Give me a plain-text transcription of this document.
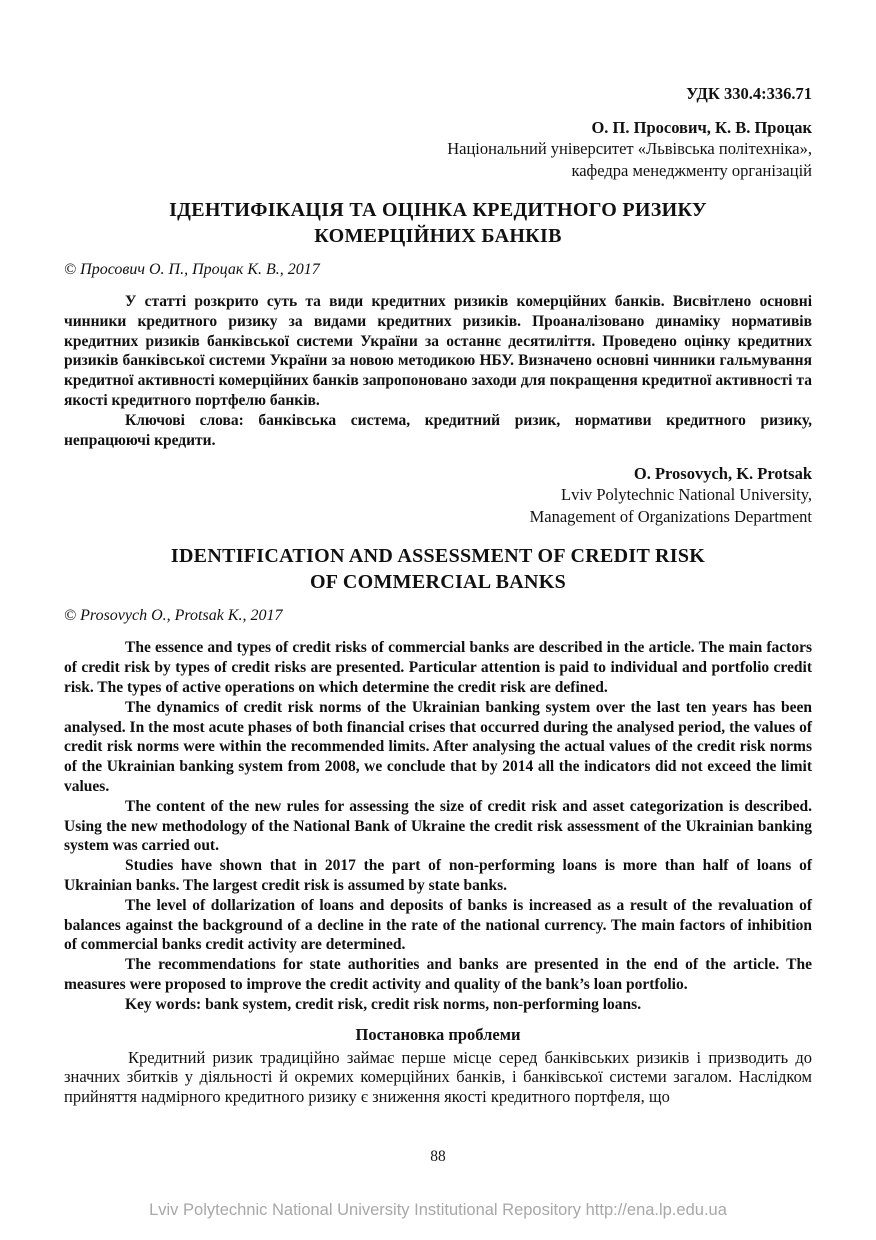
УДК 330.4:336.71
О. П. Просович, К. В. Процак
Національний університет «Львівська політехніка»,
кафедра менеджменту організацій
ІДЕНТИФІКАЦІЯ ТА ОЦІНКА КРЕДИТНОГО РИЗИКУ
КОМЕРЦІЙНИХ БАНКІВ
© Просович О. П., Процак К. В., 2017

У статті розкрито суть та види кредитних ризиків комерційних банків. Висвітлено основні чинники кредитного ризику за видами кредитних ризиків. Проаналізовано динаміку нормативів кредитних ризиків банківської системи України за останнє десятиліття. Проведено оцінку кредитних ризиків банківської системи України за новою методикою НБУ. Визначено основні чинники гальмування кредитної активності комерційних банків запропоновано заходи для покращення кредитної активності та якості кредитного портфелю банків.

Ключові слова: банківська система, кредитний ризик, нормативи кредитного ризику, непрацюючі кредити.

O. Prosovych, K. Protsak
Lviv Polytechnic National University,
Management of Organizations Department
IDENTIFICATION AND ASSESSMENT OF CREDIT RISK
OF COMMERCIAL BANKS
© Prosovych O., Protsak K., 2017

The essence and types of credit risks of commercial banks are described in the article. The main factors of credit risk by types of credit risks are presented. Particular attention is paid to individual and portfolio credit risk. The types of active operations on which determine the credit risk are defined.

The dynamics of credit risk norms of the Ukrainian banking system over the last ten years has been analysed. In the most acute phases of both financial crises that occurred during the analysed period, the values of credit risk norms were within the recommended limits. After analysing the actual values of the credit risk norms of the Ukrainian banking system from 2008, we conclude that by 2014 all the indicators did not exceed the limit values.

The content of the new rules for assessing the size of credit risk and asset categorization is described. Using the new methodology of the National Bank of Ukraine the credit risk assessment of the Ukrainian banking system was carried out.

Studies have shown that in 2017 the part of non-performing loans is more than half of loans of Ukrainian banks. The largest credit risk is assumed by state banks.

The level of dollarization of loans and deposits of banks is increased as a result of the revaluation of balances against the background of a decline in the rate of the national currency. The main factors of inhibition of commercial banks credit activity are determined.

The recommendations for state authorities and banks are presented in the end of the article. The measures were proposed to improve the credit activity and quality of the bank’s loan portfolio.

Key words: bank system, credit risk, credit risk norms, non-performing loans.

Постановка проблеми

Кредитний ризик традиційно займає перше місце серед банківських ризиків і призводить до значних збитків у діяльності й окремих комерційних банків, і банківської системи загалом. Наслідком прийняття надмірного кредитного ризику є зниження якості кредитного портфеля, що

88
Lviv Polytechnic National University Institutional Repository http://ena.lp.edu.ua
